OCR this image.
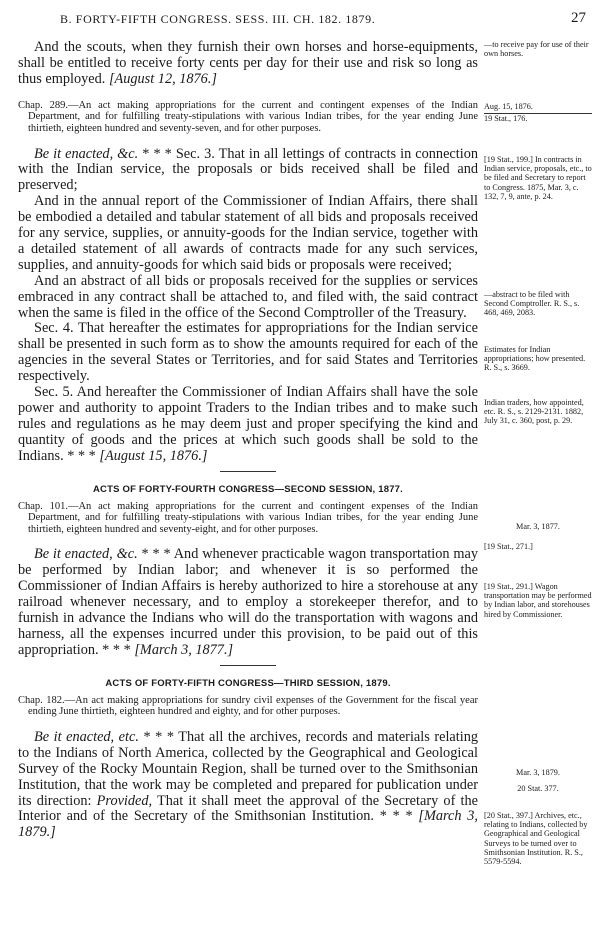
B. FORTY-FIFTH CONGRESS. SESS. III. CH. 182. 1879.	27

And the scouts, when they furnish their own horses and horse-equipments, shall be entitled to receive forty cents per day for their use and risk so long as thus employed. [August 12, 1876.]

Chap. 289.—An act making appropriations for the current and contingent expenses of the Indian Department, and for fulfilling treaty-stipulations with various Indian tribes, for the year ending June thirtieth, eighteen hundred and seventy-seven, and for other purposes.

Be it enacted, &c. * * * Sec. 3. That in all lettings of contracts in connection with the Indian service, the proposals or bids received shall be filed and preserved;

And in the annual report of the Commissioner of Indian Affairs, there shall be embodied a detailed and tabular statement of all bids and proposals received for any service, supplies, or annuity-goods for the Indian service, together with a detailed statement of all awards of contracts made for any such services, supplies, and annuity-goods for which said bids or proposals were received;

And an abstract of all bids or proposals received for the supplies or services embraced in any contract shall be attached to, and filed with, the said contract when the same is filed in the office of the Second Comptroller of the Treasury.

Sec. 4. That hereafter the estimates for appropriations for the Indian service shall be presented in such form as to show the amounts required for each of the agencies in the several States or Territories, and for said States and Territories respectively.

Sec. 5. And hereafter the Commissioner of Indian Affairs shall have the sole power and authority to appoint Traders to the Indian tribes and to make such rules and regulations as he may deem just and proper specifying the kind and quantity of goods and the prices at which such goods shall be sold to the Indians. * * * [August 15, 1876.]

ACTS OF FORTY-FOURTH CONGRESS—SECOND SESSION, 1877.

Chap. 101.—An act making appropriations for the current and contingent expenses of the Indian Department, and for fulfilling treaty-stipulations with various Indian tribes, for the year ending June thirtieth, eighteen hundred and seventy-eight, and for other purposes.

Be it enacted, &c. * * * And whenever practicable wagon transportation may be performed by Indian labor; and whenever it is so performed the Commissioner of Indian Affairs is hereby authorized to hire a storehouse at any railroad whenever necessary, and to employ a storekeeper therefor, and to furnish in advance the Indians who will do the transportation with wagons and harness, all the expenses incurred under this provision, to be paid out of this appropriation. * * * [March 3, 1877.]

ACTS OF FORTY-FIFTH CONGRESS—THIRD SESSION, 1879.

Chap. 182.—An act making appropriations for sundry civil expenses of the Government for the fiscal year ending June thirtieth, eighteen hundred and eighty, and for other purposes.

Be it enacted, etc. * * * That all the archives, records and materials relating to the Indians of North America, collected by the Geographical and Geological Survey of the Rocky Mountain Region, shall be turned over to the Smithsonian Institution, that the work may be completed and prepared for publication under its direction: Provided, That it shall meet the approval of the Secretary of the Interior and of the Secretary of the Smithsonian Institution. * * * [March 3, 1879.]

—to receive pay for use of their own horses.

Aug. 15, 1876.

19 Stat., 176.

[19 Stat., 199.] In contracts in Indian service, proposals, etc., to be filed and Secretary to report to Congress. 1875, Mar. 3, c. 132, 7, 9, ante, p. 24.

—abstract to be filed with Second Comptroller. R. S., s. 468, 469, 2083.

Estimates for Indian appropriations; how presented. R. S., s. 3669.

Indian traders, how appointed, etc. R. S., s. 2129-2131. 1882, July 31, c. 360, post, p. 29.

Mar. 3, 1877.

[19 Stat., 271.]

[19 Stat., 291.] Wagon transportation may be performed by Indian labor, and storehouses hired by Commissioner.

Mar. 3, 1879.

20 Stat. 377.

[20 Stat., 397.] Archives, etc., relating to Indians, collected by Geographical and Geological Surveys to be turned over to Smithsonian Institution. R. S., 5579-5594.
